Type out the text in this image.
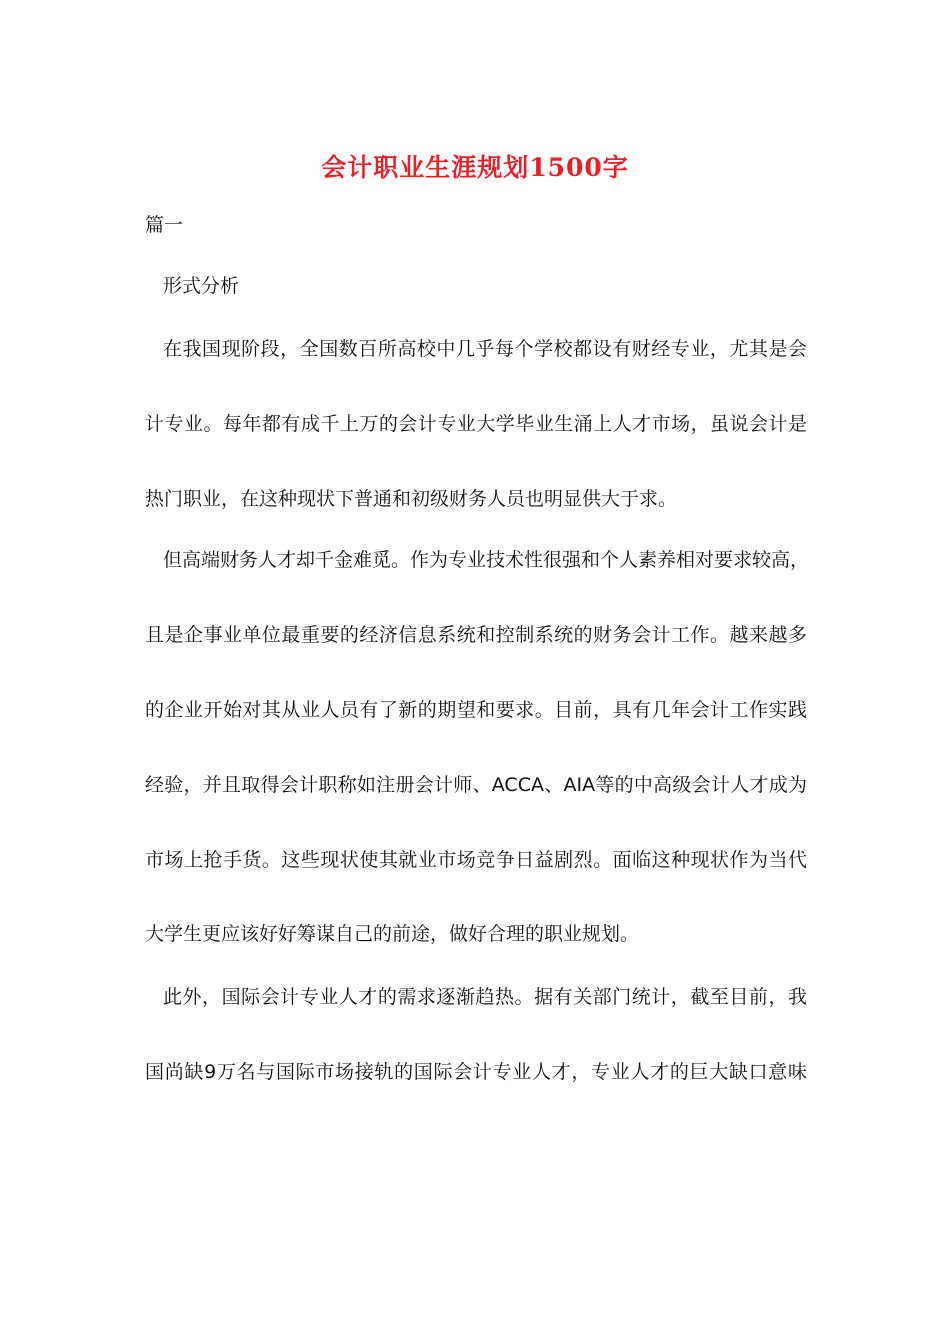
会计职业生涯规划1500字
篇一
形式分析
在我国现阶段，全国数百所高校中几乎每个学校都设有财经专业，尤其是会
计专业。每年都有成千上万的会计专业大学毕业生涌上人才市场，虽说会计是
热门职业，在这种现状下普通和初级财务人员也明显供大于求。
但高端财务人才却千金难觅。作为专业技术性很强和个人素养相对要求较高，
且是企事业单位最重要的经济信息系统和控制系统的财务会计工作。越来越多
的企业开始对其从业人员有了新的期望和要求。目前，具有几年会计工作实践
经验，并且取得会计职称如注册会计师、ACCA、AIA等的中高级会计人才成为
市场上抢手货。这些现状使其就业市场竞争日益剧烈。面临这种现状作为当代
大学生更应该好好筹谋自己的前途，做好合理的职业规划。
此外，国际会计专业人才的需求逐渐趋热。据有关部门统计，截至目前，我
国尚缺9万名与国际市场接轨的国际会计专业人才，专业人才的巨大缺口意味
